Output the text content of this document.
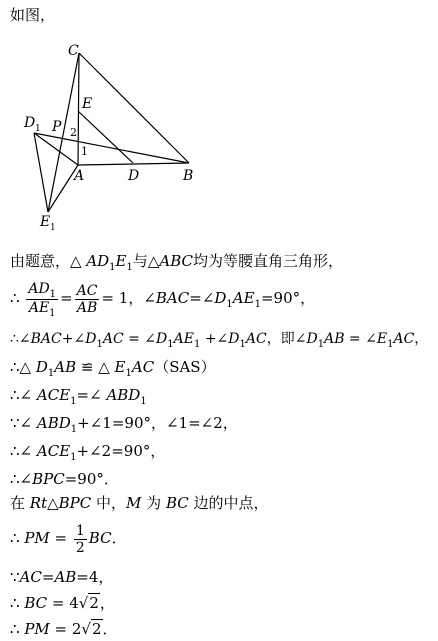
如图，
C
E
D 1 P 2
1
A	D	B
E 1
由题意，△ $AD_1E_1$与△ABC均为等腰直角三角形，
∴ $\frac{AD_1}{AE_1} = \frac{AC}{AB} = 1$，$\angle BAC=\angle D_1AE_1=90^\circ$，
$\therefore\angle BAC+\angle D_1AC$ = $\angle D_1AE_1$ $+\angle D_1AC$，即$\angle D_1AB$ = $\angle E_1AC$，
∴△ $D_1AB$ ≌ △ $E_1AC(SAS)$
∴∠ $ACE_1=\angle$ $ABD_1$
∵∠ $ABD_1+\angle 1=90^\circ$，∠1=∠2，
∴∠ $ACE_1+\angle 2=90^\circ$，
∴∠BPC=90°．
在 Rt△BPC 中，M 为 BC 边的中点，
∴ PM = $\frac{1}{2}$ BC．
∵AC=AB=4，
∴ BC = 4√2，
∴ PM = 2√2．
